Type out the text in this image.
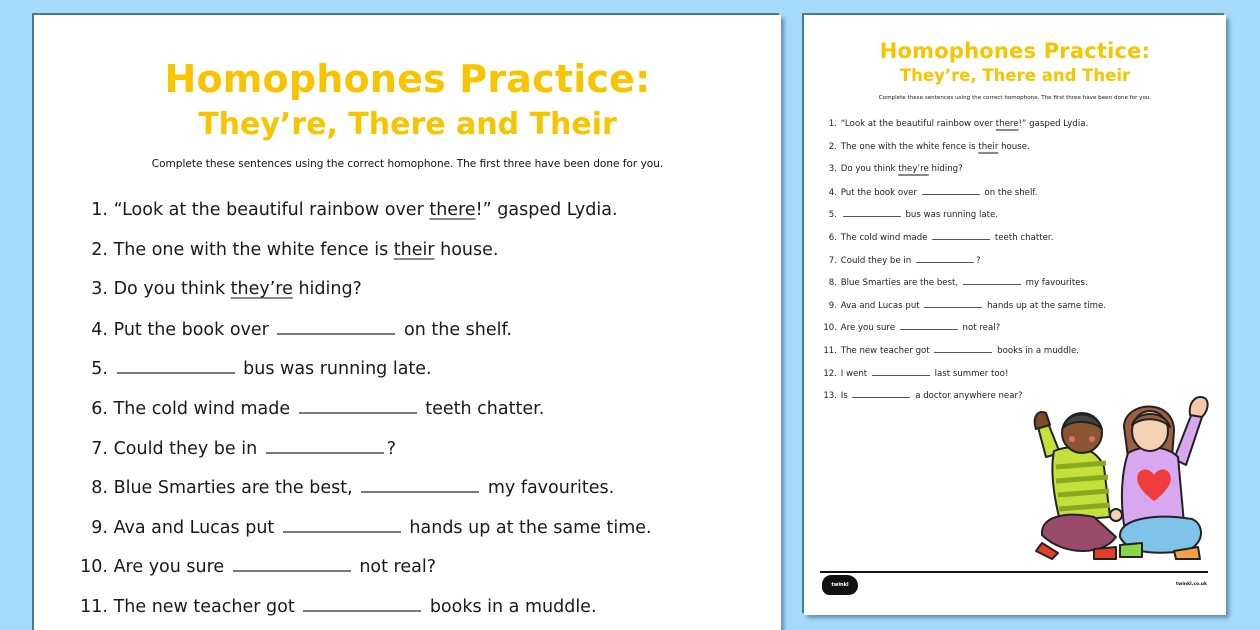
Homophones Practice:
They’re, There and Their
Complete these sentences using the correct homophone. The first three have been done for you.
1. “Look at the beautiful rainbow over there!” gasped Lydia.
2. The one with the white fence is their house.
3. Do you think they’re hiding?
4. Put the book over	on the shelf.
5.	bus was running late.
6. The cold wind made	teeth chatter.
7. Could they be in	?
8. Blue Smarties are the best,	my favourites.
9. Ava and Lucas put	hands up at the same time.
10. Are you sure	not real?
11. The new teacher got	books in a muddle.
Homophones Practice:
They’re, There and Their
Complete these sentences using the correct homophone. The first three have been done for you.
1. “Look at the beautiful rainbow over there!” gasped Lydia.
2. The one with the white fence is their house.
3. Do you think they’re hiding?
4. Put the book over	on the shelf.
5.	bus was running late.
6. The cold wind made	teeth chatter.
7. Could they be in	?
8. Blue Smarties are the best,	my favourites.
9. Ava and Lucas put	hands up at the same time.
10. Are you sure	not real?
11. The new teacher got	books in a muddle.
12. I went	last summer too!
13. Is	a doctor anywhere near?
twinkl	twinkl.co.uk
